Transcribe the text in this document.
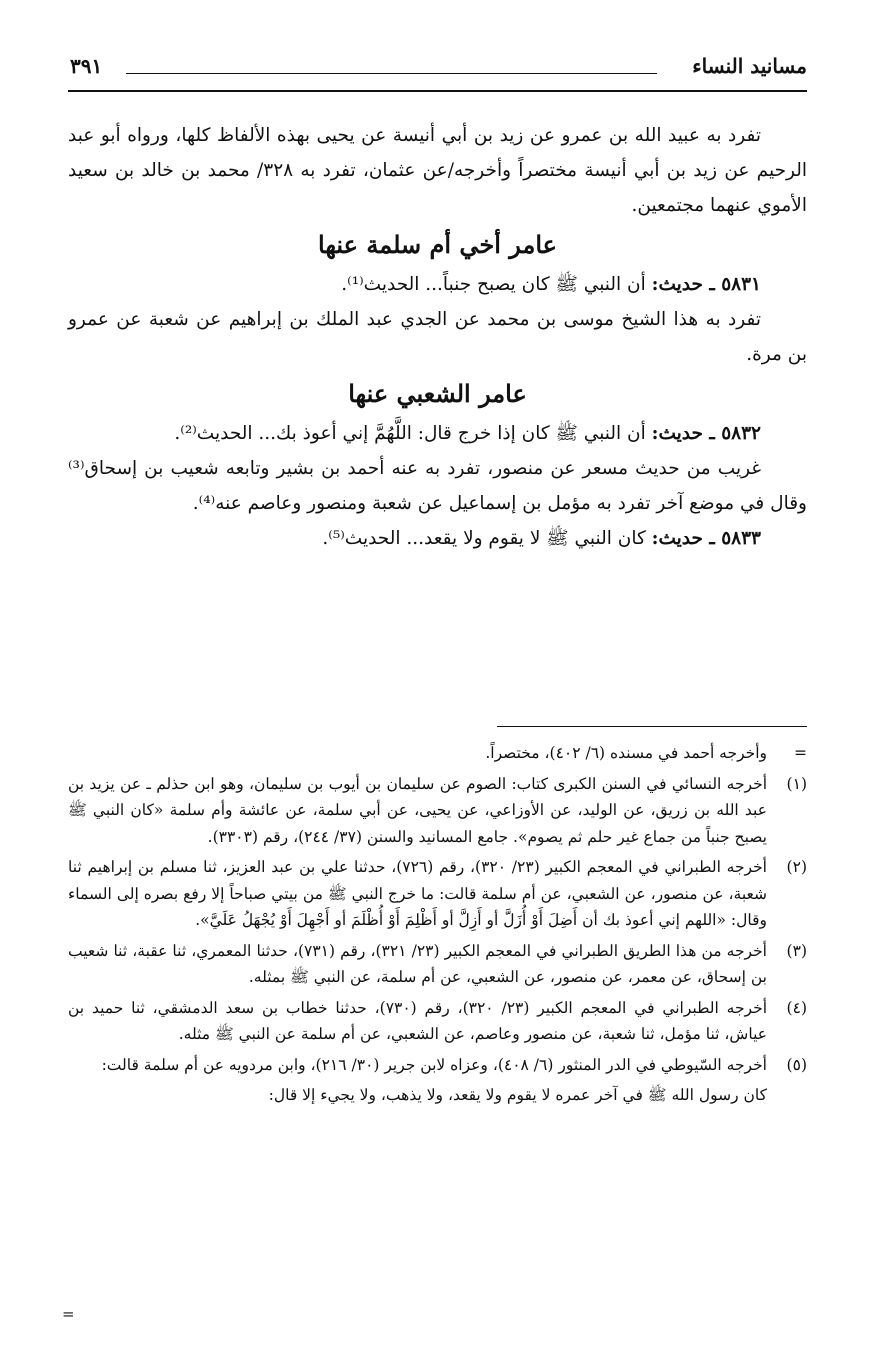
مسانيد النساء
٣٩١

تفرد به عبيد الله بن عمرو عن زيد بن أبي أنيسة عن يحيى بهذه الألفاظ كلها، ورواه أبو عبد الرحيم عن زيد بن أبي أنيسة مختصراً وأخرجه/عن عثمان، تفرد به ٣٢٨/ محمد بن خالد بن سعيد الأموي عنهما مجتمعين.

عامر أخي أم سلمة عنها

٥٨٣١ ـ حديث: أن النبي ﷺ كان يصبح جنباً... الحديث⁽¹⁾.

تفرد به هذا الشيخ موسى بن محمد عن الجدي عبد الملك بن إبراهيم عن شعبة عن عمرو بن مرة.

عامر الشعبي عنها

٥٨٣٢ ـ حديث: أن النبي ﷺ كان إذا خرج قال: اللَّهُمَّ إني أعوذ بك... الحديث⁽²⁾.

غريب من حديث مسعر عن منصور، تفرد به عنه أحمد بن بشير وتابعه شعيب بن إسحاق⁽³⁾ وقال في موضع آخر تفرد به مؤمل بن إسماعيل عن شعبة ومنصور وعاصم عنه⁽⁴⁾.

٥٨٣٣ ـ حديث: كان النبي ﷺ لا يقوم ولا يقعد... الحديث⁽⁵⁾.

=
وأخرجه أحمد في مسنده (٦/ ٤٠٢)، مختصراً.
(١)
أخرجه النسائي في السنن الكبرى كتاب: الصوم عن سليمان بن أيوب بن سليمان، وهو ابن حذلم ـ عن يزيد بن عبد الله بن زريق، عن الوليد، عن الأوزاعي، عن يحيى، عن أبي سلمة، عن عائشة وأم سلمة «كان النبي ﷺ يصبح جنباً من جماع غير حلم ثم يصوم». جامع المسانيد والسنن (٣٧/ ٢٤٤)، رقم (٣٣٠٣).
(٢)
أخرجه الطبراني في المعجم الكبير (٢٣/ ٣٢٠)، رقم (٧٢٦)، حدثنا علي بن عبد العزيز، ثنا مسلم بن إبراهيم ثنا شعبة، عن منصور، عن الشعبي، عن أم سلمة قالت: ما خرج النبي ﷺ من بيتي صباحاً إلا رفع بصره إلى السماء وقال: «اللهم إني أعوذ بك أن أَضِلَ أَوْ أُزَلَّ أو أَزِلَّ أو أَظْلِمَ أَوْ أُظْلَمَ أو أَجْهِلَ أَوْ يُجْهَلُ عَلَيَّ».
(٣)
أخرجه من هذا الطريق الطبراني في المعجم الكبير (٢٣/ ٣٢١)، رقم (٧٣١)، حدثنا المعمري، ثنا عقبة، ثنا شعيب بن إسحاق، عن معمر، عن منصور، عن الشعبي، عن أم سلمة، عن النبي ﷺ بمثله.
(٤)
أخرجه الطبراني في المعجم الكبير (٢٣/ ٣٢٠)، رقم (٧٣٠)، حدثنا خطاب بن سعد الدمشقي، ثنا حميد بن عياش، ثنا مؤمل، ثنا شعبة، عن منصور وعاصم، عن الشعبي، عن أم سلمة عن النبي ﷺ مثله.
(٥)
أخرجه السّيوطي في الدر المنثور (٦/ ٤٠٨)، وعزاه لابن جرير (٣٠/ ٢١٦)، وابن مردويه عن أم سلمة قالت:
كان رسول الله ﷺ في آخر عمره لا يقوم ولا يقعد، ولا يذهب، ولا يجيء إلا قال:
=
